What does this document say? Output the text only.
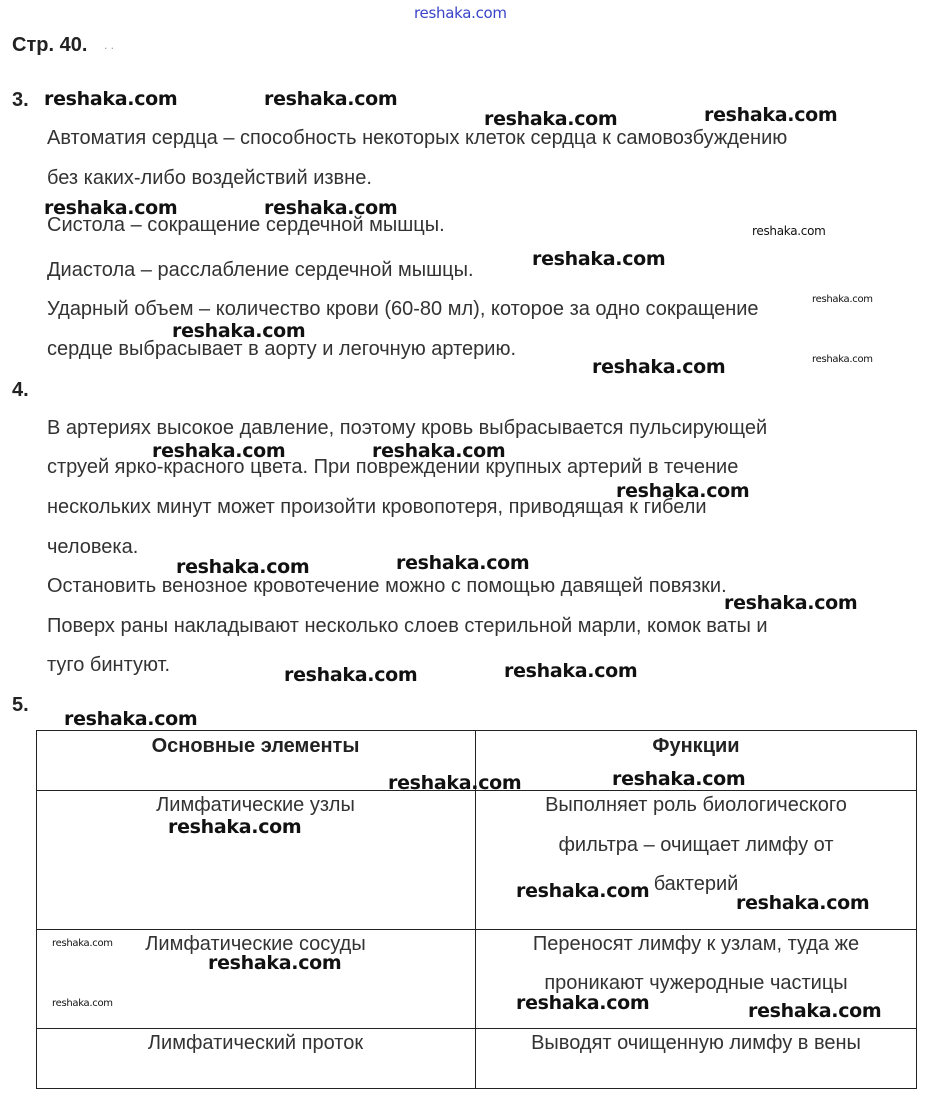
reshaka.com
Стр. 40. . .
3.
Автоматия сердца – способность некоторых клеток сердца к самовозбуждению
без каких-либо воздействий извне.
Систола – сокращение сердечной мышцы.
Диастола – расслабление сердечной мышцы.
Ударный объем – количество крови (60-80 мл), которое за одно сокращение
сердце выбрасывает в аорту и легочную артерию.
4.
В артериях высокое давление, поэтому кровь выбрасывается пульсирующей
струей ярко-красного цвета. При повреждении крупных артерий в течение
нескольких минут может произойти кровопотеря, приводящая к гибели
человека.
Остановить венозное кровотечение можно с помощью давящей повязки.
Поверх раны накладывают несколько слоев стерильной марли, комок ваты и
туго бинтуют.
5.
Основные элементы	Функции
Лимфатические узлы	Выполняет роль биологического
фильтра – очищает лимфу от
бактерий
Лимфатические сосуды	Переносят лимфу к узлам, туда же
проникают чужеродные частицы
Лимфатический проток	Выводят очищенную лимфу в вены
reshaka.com	reshaka.com
reshaka.com	reshaka.com
reshaka.com	reshaka.com
reshaka.com
reshaka.com
reshaka.com
reshaka.com
reshaka.com
reshaka.com
reshaka.com	reshaka.com
reshaka.com
reshaka.com	reshaka.com
reshaka.com
reshaka.com	reshaka.com
reshaka.com
reshaka.com	reshaka.com
reshaka.com
reshaka.com
reshaka.com
reshaka.com
reshaka.com
reshaka.com	reshaka.com	reshaka.com
